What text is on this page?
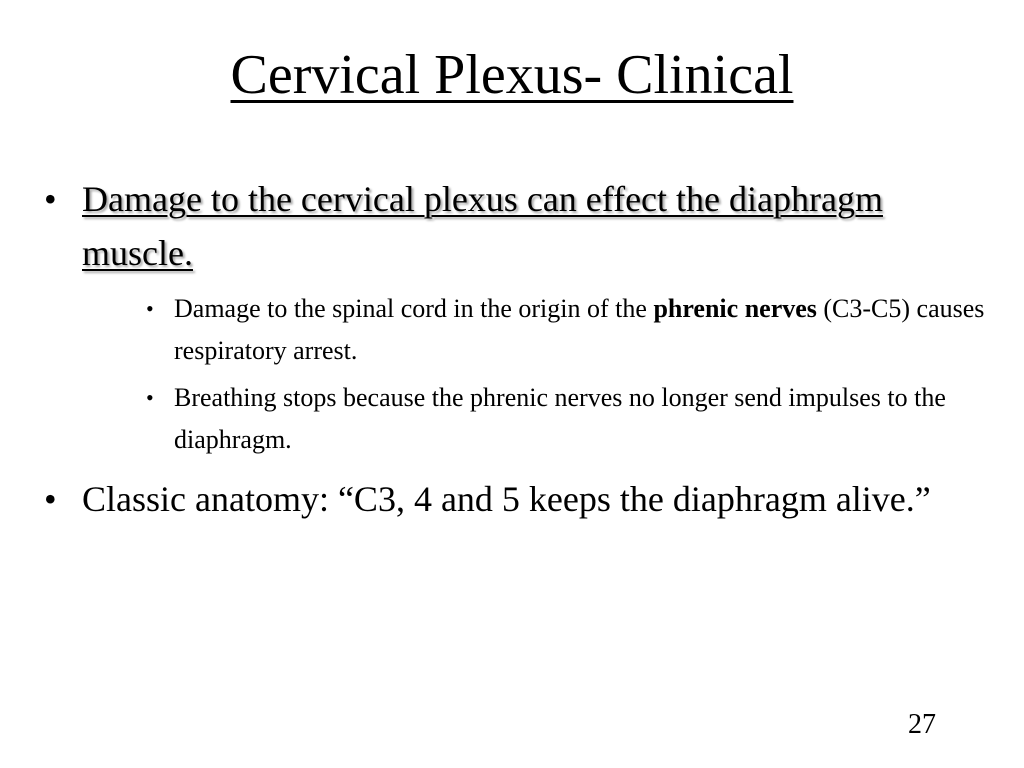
Cervical Plexus- Clinical
• Damage to the cervical plexus can effect the diaphragm muscle.
• Damage to the spinal cord in the origin of the phrenic nerves (C3-C5) causes respiratory arrest.
• Breathing stops because the phrenic nerves no longer send impulses to the diaphragm.
• Classic anatomy: “C3, 4 and 5 keeps the diaphragm alive.”
27
